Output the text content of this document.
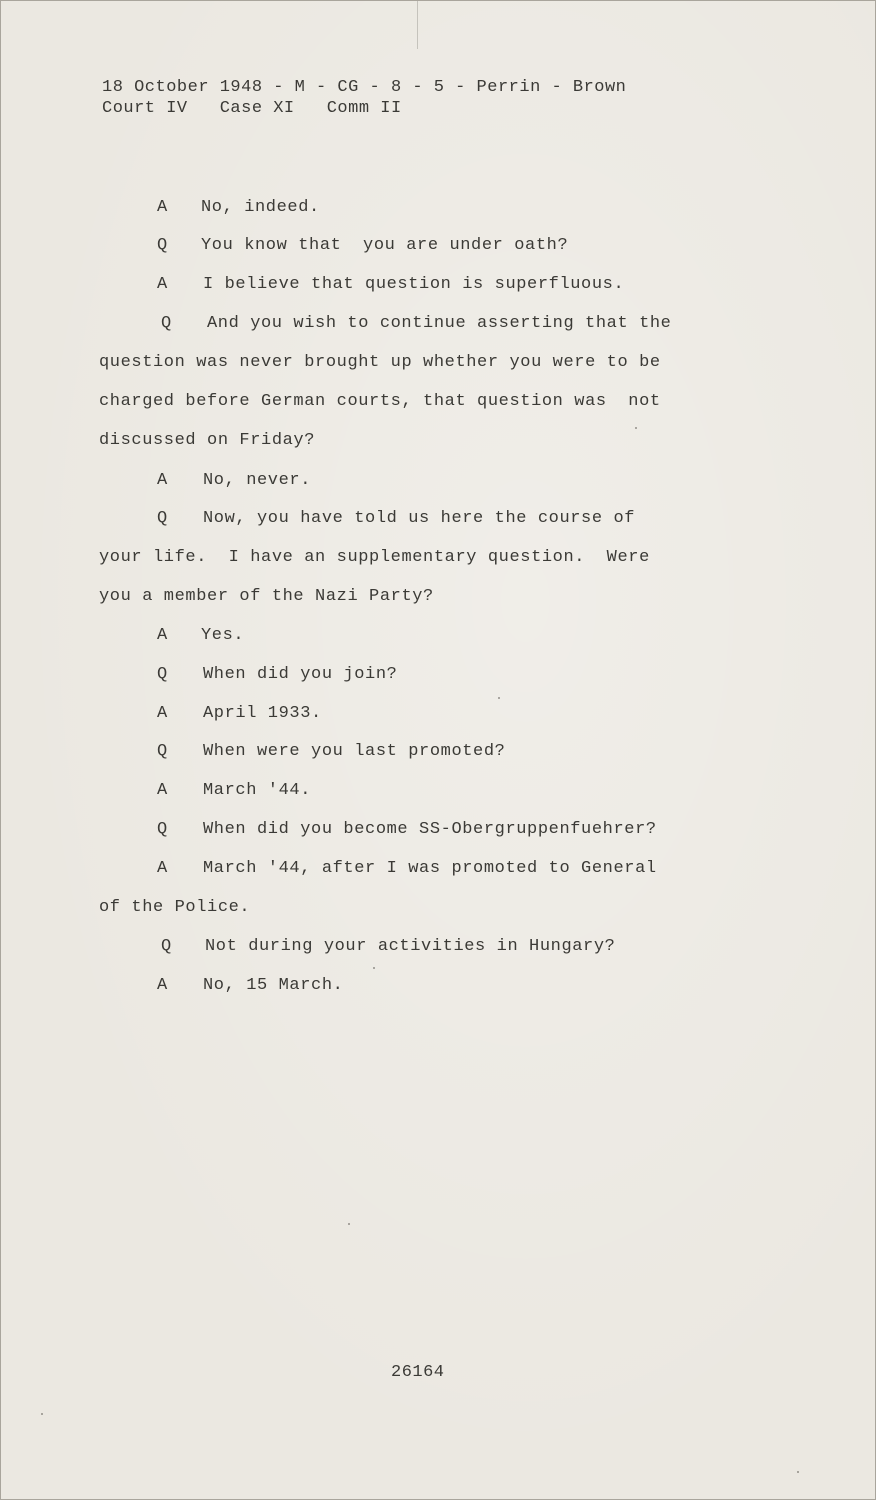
18 October 1948 - M - CG - 8 - 5 - Perrin - Brown
Court IV   Case XI   Comm II
A	No, indeed.
Q	You know that  you are under oath?
A	I believe that question is superfluous.
Q	And you wish to continue asserting that the
question was never brought up whether you were to be
charged before German courts, that question was  not
discussed on Friday?
A	No, never.
Q	Now, you have told us here the course of
your life.  I have an supplementary question.  Were
you a member of the Nazi Party?
A	Yes.
Q	When did you join?
A	April 1933.
Q	When were you last promoted?
A	March '44.
Q	When did you become SS-Obergruppenfuehrer?
A	March '44, after I was promoted to General
of the Police.
Q	Not during your activities in Hungary?
A	No, 15 March.
26164
